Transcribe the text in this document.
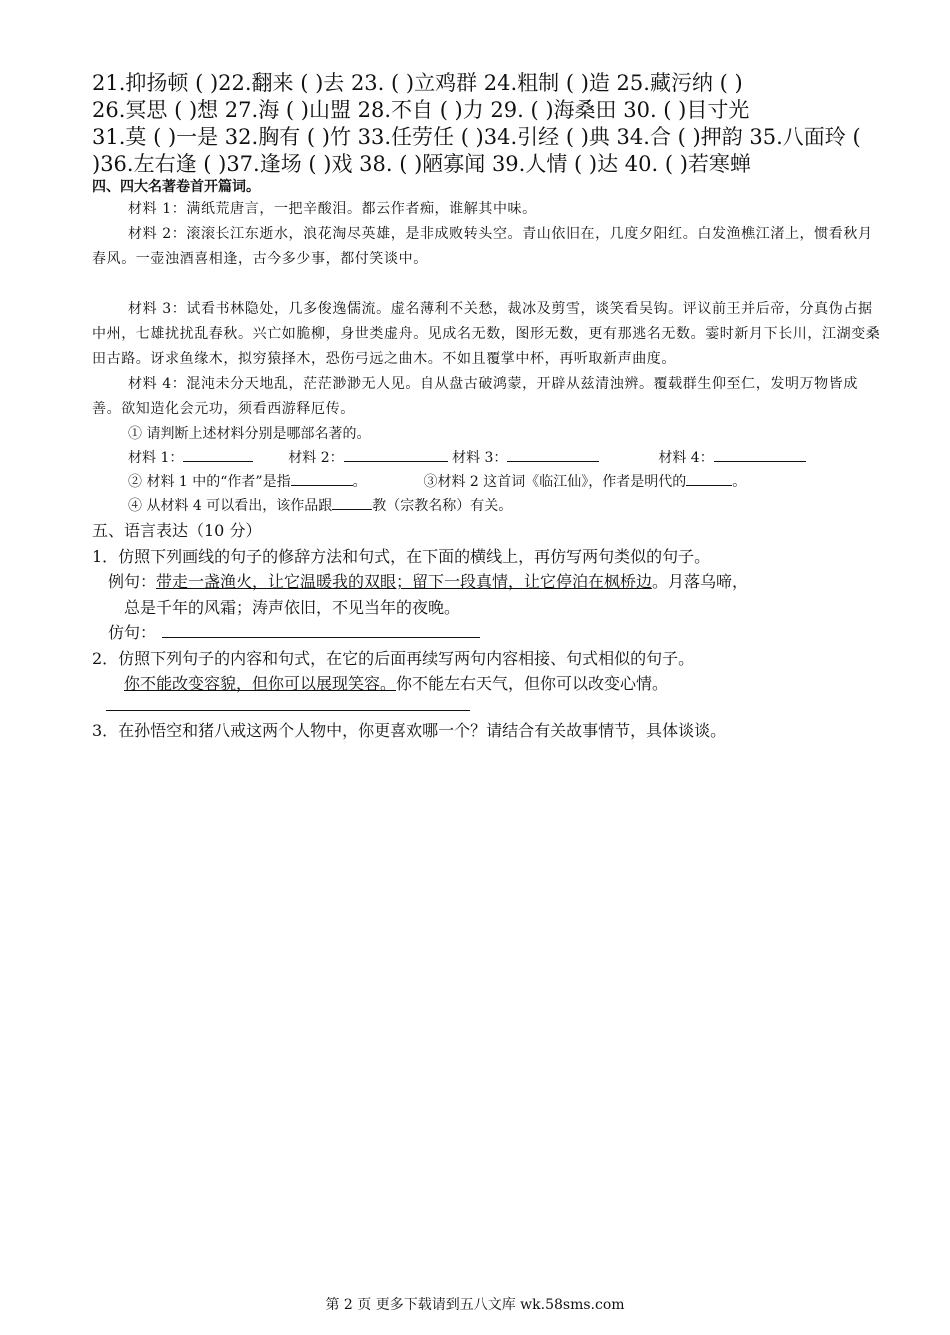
21.抑扬顿 ( )22.翻来 ( )去 23. ( )立鸡群 24.粗制 ( )造 25.藏污纳 ( )
26.冥思 ( )想 27.海 ( )山盟 28.不自 ( )力 29. ( )海桑田 30. ( )目寸光
31.莫 ( )一是 32.胸有 ( )竹 33.任劳任 ( )34.引经 ( )典 34.合 ( )押韵 35.八面玲 (
)36.左右逢 ( )37.逢场 ( )戏 38. ( )陋寡闻 39.人情 ( )达 40. ( )若寒蝉
四、四大名著卷首开篇词。
材料 1：满纸荒唐言，一把辛酸泪。都云作者痴，谁解其中味。
材料 2：滚滚长江东逝水，浪花淘尽英雄，是非成败转头空。青山依旧在，几度夕阳红。白发渔樵江渚上，惯看秋月春风。一壶浊酒喜相逢，古今多少事，都付笑谈中。
材料 3：试看书林隐处，几多俊逸儒流。虚名薄利不关愁，裁冰及剪雪，谈笑看吴钩。评议前王并后帝，分真伪占据中州，七雄扰扰乱春秋。兴亡如脆柳，身世类虚舟。见成名无数，图形无数，更有那逃名无数。霎时新月下长川，江湖变桑田古路。讶求鱼缘木，拟穷猿择木，恐伤弓远之曲木。不如且覆掌中杯，再听取新声曲度。
材料 4：混沌未分天地乱，茫茫渺渺无人见。自从盘古破鸿蒙，开辟从兹清浊辨。覆载群生仰至仁，发明万物皆成善。欲知造化会元功，须看西游释厄传。
① 请判断上述材料分别是哪部名著的。
材料 1：	材料 2：	材料 3：	材料 4：
② 材料 1 中的“作者”是指	。	③材料 2 这首词《临江仙》，作者是明代的	。
④ 从材料 4 可以看出，该作品跟	教（宗教名称）有关。
五、语言表达（10 分）
1．仿照下列画线的句子的修辞方法和句式，在下面的横线上，再仿写两句类似的句子。
例句：带走一盏渔火，让它温暖我的双眼；留下一段真情，让它停泊在枫桥边。月落乌啼，
总是千年的风霜；涛声依旧，不见当年的夜晚。
仿句：
2．仿照下列句子的内容和句式，在它的后面再续写两句内容相接、句式相似的句子。
你不能改变容貌，但你可以展现笑容。你不能左右天气，但你可以改变心情。
3．在孙悟空和猪八戒这两个人物中，你更喜欢哪一个？请结合有关故事情节，具体谈谈。
第 2 页 更多下载请到五八文库 wk.58sms.com
